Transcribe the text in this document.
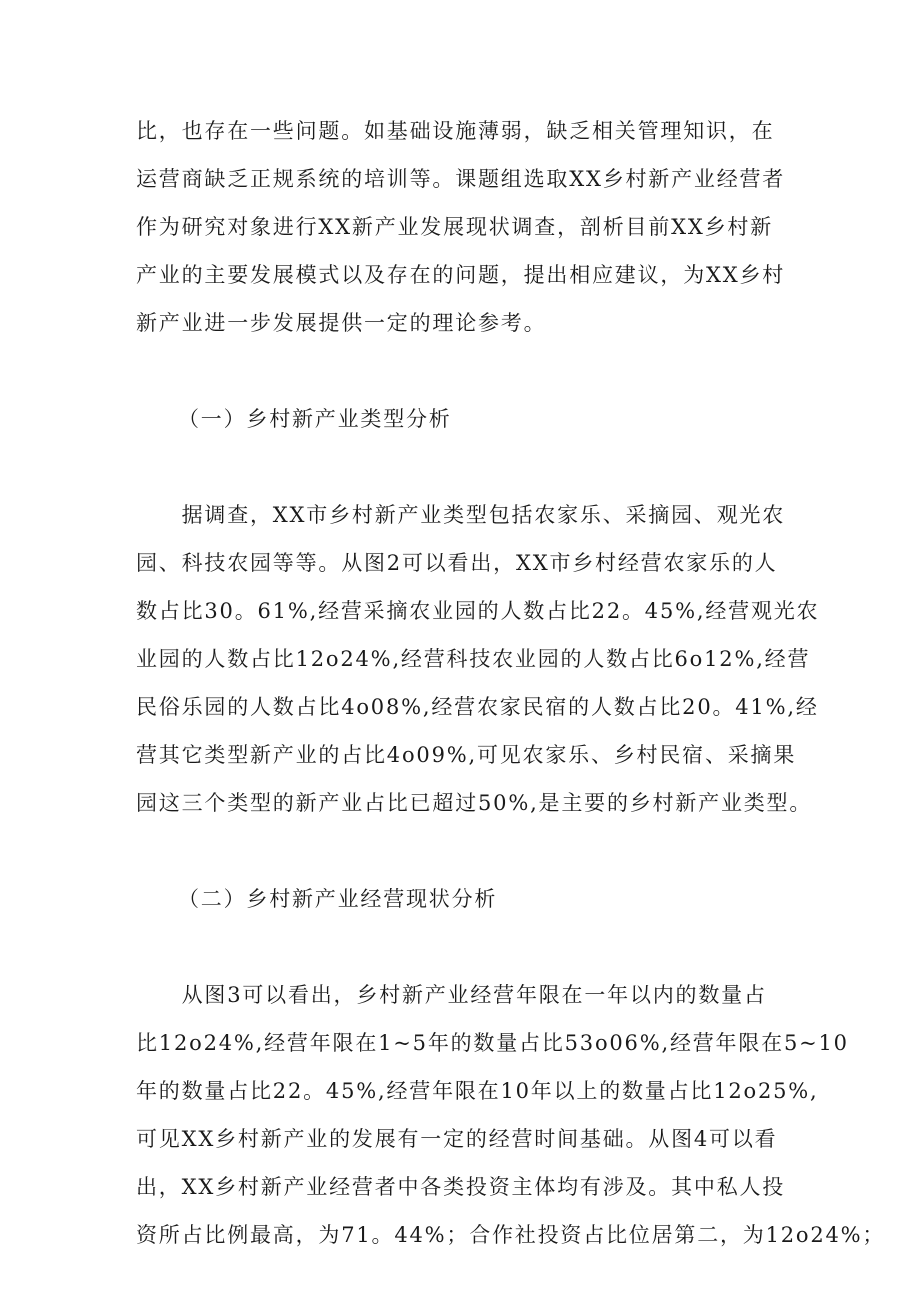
比，也存在一些问题。如基础设施薄弱，缺乏相关管理知识，在
运营商缺乏正规系统的培训等。课题组选取XX乡村新产业经营者
作为研究对象进行XX新产业发展现状调查，剖析目前XX乡村新
产业的主要发展模式以及存在的问题，提出相应建议，为XX乡村
新产业进一步发展提供一定的理论参考。
（一）乡村新产业类型分析
　　据调查，XX市乡村新产业类型包括农家乐、采摘园、观光农
园、科技农园等等。从图2可以看出，XX市乡村经营农家乐的人
数占比30。61%,经营采摘农业园的人数占比22。45%,经营观光农
业园的人数占比12o24%,经营科技农业园的人数占比6o12%,经营
民俗乐园的人数占比4o08%,经营农家民宿的人数占比20。41%,经
营其它类型新产业的占比4o09%,可见农家乐、乡村民宿、采摘果
园这三个类型的新产业占比已超过50%,是主要的乡村新产业类型。
（二）乡村新产业经营现状分析
　　从图3可以看出，乡村新产业经营年限在一年以内的数量占
比12o24%,经营年限在1~5年的数量占比53o06%,经营年限在5~10
年的数量占比22。45%,经营年限在10年以上的数量占比12o25%,
可见XX乡村新产业的发展有一定的经营时间基础。从图4可以看
出，XX乡村新产业经营者中各类投资主体均有涉及。其中私人投
资所占比例最高，为71。44%；合作社投资占比位居第二，为12o24%；
